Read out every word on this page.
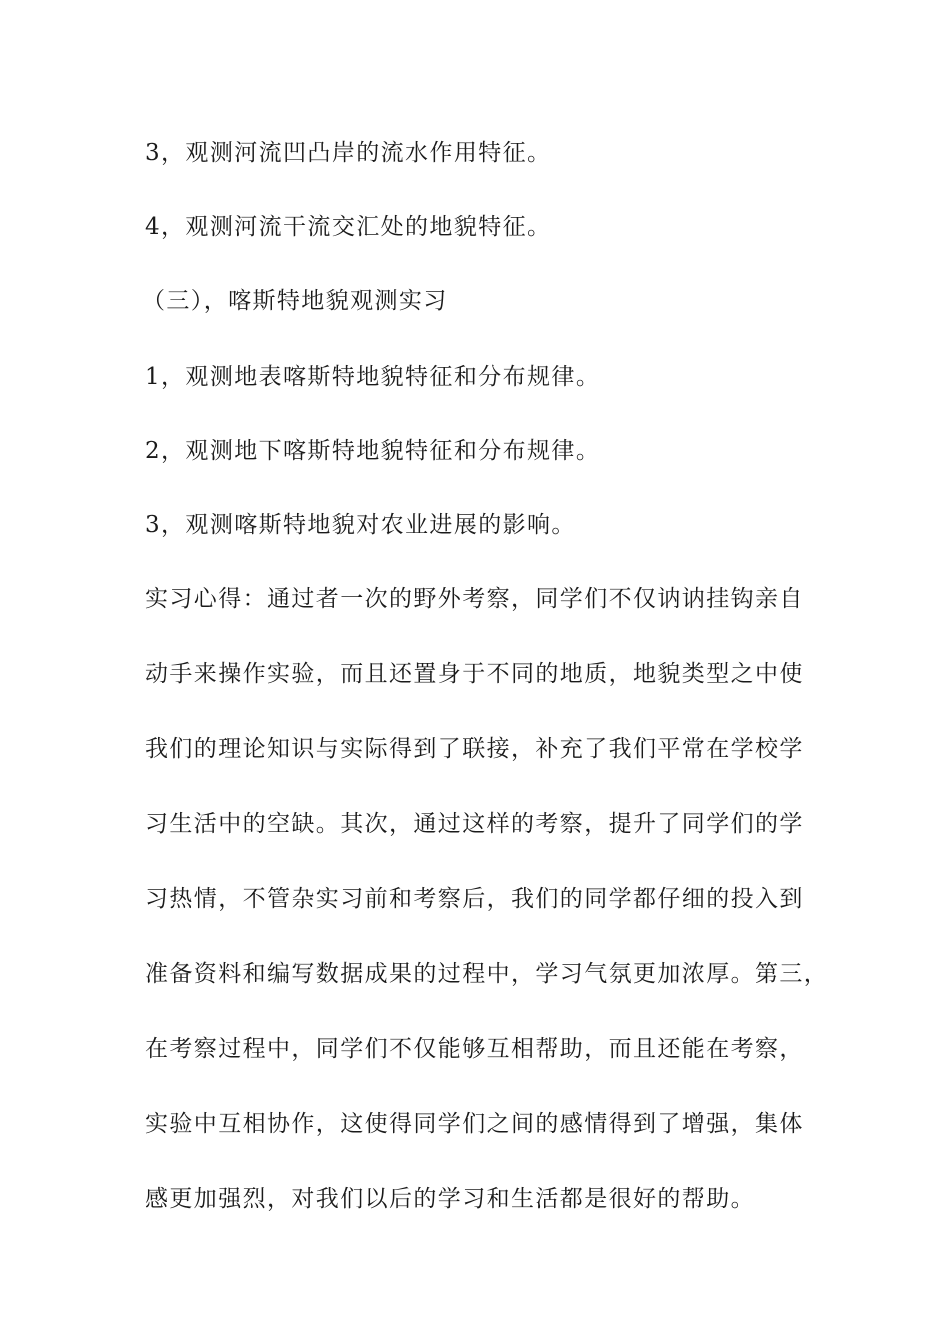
3，观测河流凹凸岸的流水作用特征。
4，观测河流干流交汇处的地貌特征。
（三），喀斯特地貌观测实习
1，观测地表喀斯特地貌特征和分布规律。
2，观测地下喀斯特地貌特征和分布规律。
3，观测喀斯特地貌对农业进展的影响。
实习心得：通过者一次的野外考察，同学们不仅讷讷挂钩亲自
动手来操作实验，而且还置身于不同的地质，地貌类型之中使
我们的理论知识与实际得到了联接，补充了我们平常在学校学
习生活中的空缺。其次，通过这样的考察，提升了同学们的学
习热情，不管杂实习前和考察后，我们的同学都仔细的投入到
准备资料和编写数据成果的过程中，学习气氛更加浓厚。第三，
在考察过程中，同学们不仅能够互相帮助，而且还能在考察，
实验中互相协作，这使得同学们之间的感情得到了增强，集体
感更加强烈，对我们以后的学习和生活都是很好的帮助。
